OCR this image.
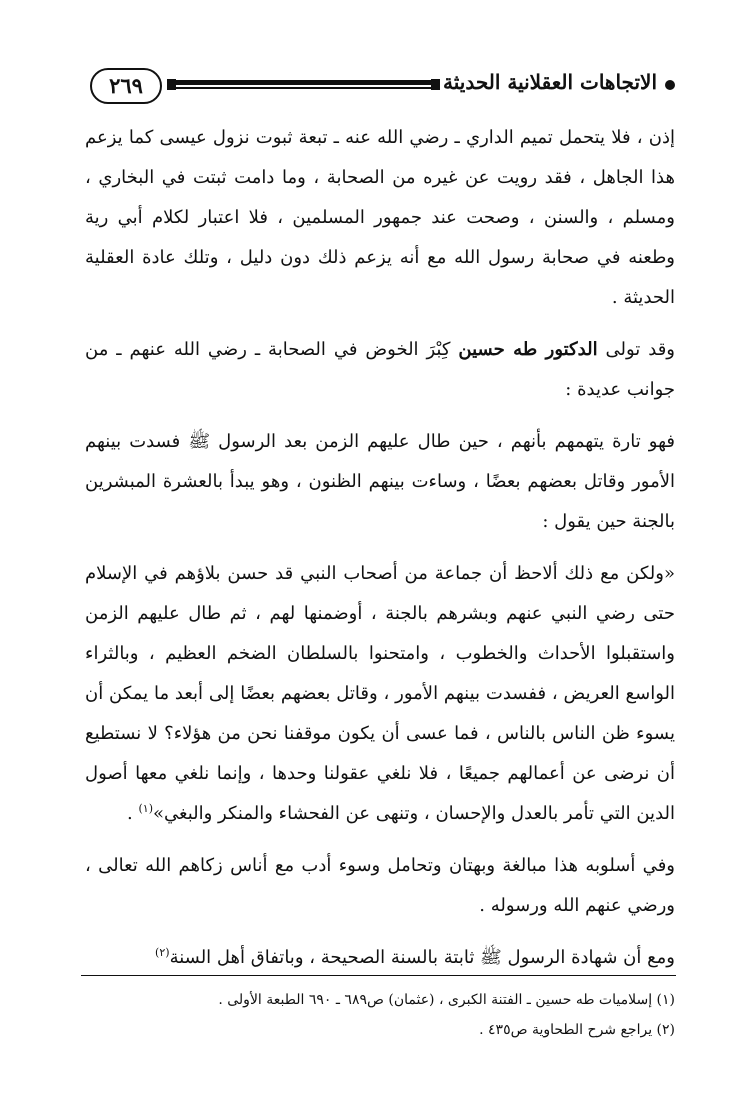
الاتجاهات العقلانية الحديثة
٢٦٩

إذن ، فلا يتحمل تميم الداري ـ رضي الله عنه ـ تبعة ثبوت نزول عيسى كما يزعم هذا الجاهل ، فقد رويت عن غيره من الصحابة ، وما دامت ثبتت في البخاري ، ومسلم ، والسنن ، وصحت عند جمهور المسلمين ، فلا اعتبار لكلام أبي رية وطعنه في صحابة رسول الله مع أنه يزعم ذلك دون دليل ، وتلك عادة العقلية الحديثة .

وقد تولى الدكتور طه حسين كِبْرَ الخوض في الصحابة ـ رضي الله عنهم ـ من جوانب عديدة :

فهو تارة يتهمهم بأنهم ، حين طال عليهم الزمن بعد الرسول ﷺ فسدت بينهم الأمور وقاتل بعضهم بعضًا ، وساءت بينهم الظنون ، وهو يبدأ بالعشرة المبشرين بالجنة حين يقول :

«ولكن مع ذلك ألاحظ أن جماعة من أصحاب النبي قد حسن بلاؤهم في الإسلام حتى رضي النبي عنهم وبشرهم بالجنة ، أوضمنها لهم ، ثم طال عليهم الزمن واستقبلوا الأحداث والخطوب ، وامتحنوا بالسلطان الضخم العظيم ، وبالثراء الواسع العريض ، ففسدت بينهم الأمور ، وقاتل بعضهم بعضًا إلى أبعد ما يمكن أن يسوء ظن الناس بالناس ، فما عسى أن يكون موقفنا نحن من هؤلاء؟ لا نستطيع أن نرضى عن أعمالهم جميعًا ، فلا نلغي عقولنا وحدها ، وإنما نلغي معها أصول الدين التي تأمر بالعدل والإحسان ، وتنهى عن الفحشاء والمنكر والبغي»$^{(١)}$ .

وفي أسلوبه هذا مبالغة وبهتان وتحامل وسوء أدب مع أناس زكاهم الله تعالى ، ورضي عنهم الله ورسوله .

ومع أن شهادة الرسول ﷺ ثابتة بالسنة الصحيحة ، وباتفاق أهل السنة$^{(٢)}$

(١) إسلاميات طه حسين ـ الفتنة الكبرى ، (عثمان) ص٦٨٩ ـ ٦٩٠ الطبعة الأولى .
(٢) يراجع شرح الطحاوية ص٤٣٥ .
